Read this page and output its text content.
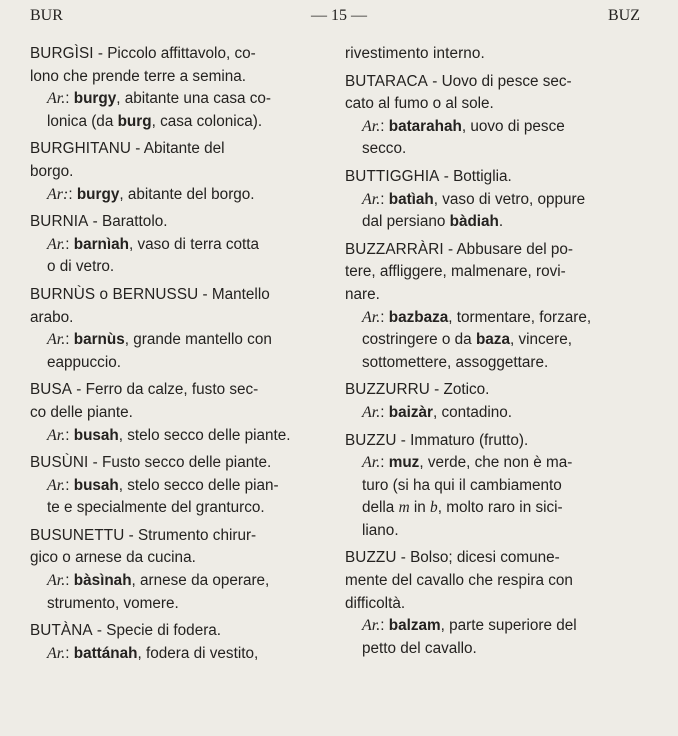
BUR	— 15 —	BUZ

BURGÌSI - Piccolo affittavolo, co-

lono che prende terre a semina.

Ar.: burgy, abitante una casa co-

lonica (da burg, casa colonica).

BURGHITANU - Abitante del

borgo.

Ar:: burgy, abitante del borgo.

BURNIA - Barattolo.

Ar.: barnìah, vaso di terra cotta

o di vetro.

BURNÙS o BERNUSSU - Mantello

arabo.

Ar.: barnùs, grande mantello con

eappuccio.

BUSA - Ferro da calze, fusto sec-

co delle piante.

Ar.: busah, stelo secco delle piante.

BUSÙNI - Fusto secco delle piante.

Ar.: busah, stelo secco delle pian-

te e specialmente del granturco.

BUSUNETTU - Strumento chirur-

gico o arnese da cucina.

Ar.: bàsìnah, arnese da operare,

strumento, vomere.

BUTÀNA - Specie di fodera.

Ar.: battánah, fodera di vestito,

rivestimento interno.

BUTARACA - Uovo di pesce sec-

cato al fumo o al sole.

Ar.: batarahah, uovo di pesce

secco.

BUTTIGGHIA - Bottiglia.

Ar.: batìah, vaso di vetro, oppure

dal persiano bàdiah.

BUZZARRÀRI - Abbusare del po-

tere, affliggere, malmenare, rovi-

nare.

Ar.: bazbaza, tormentare, forzare,

costringere o da baza, vincere,

sottomettere, assoggettare.

BUZZURRU - Zotico.

Ar.: baizàr, contadino.

BUZZU - Immaturo (frutto).

Ar.: muz, verde, che non è ma-

turo (si ha qui il cambiamento

della m in b, molto raro in sici-

liano.

BUZZU - Bolso; dicesi comune-

mente del cavallo che respira con

difficoltà.

Ar.: balzam, parte superiore del

petto del cavallo.
